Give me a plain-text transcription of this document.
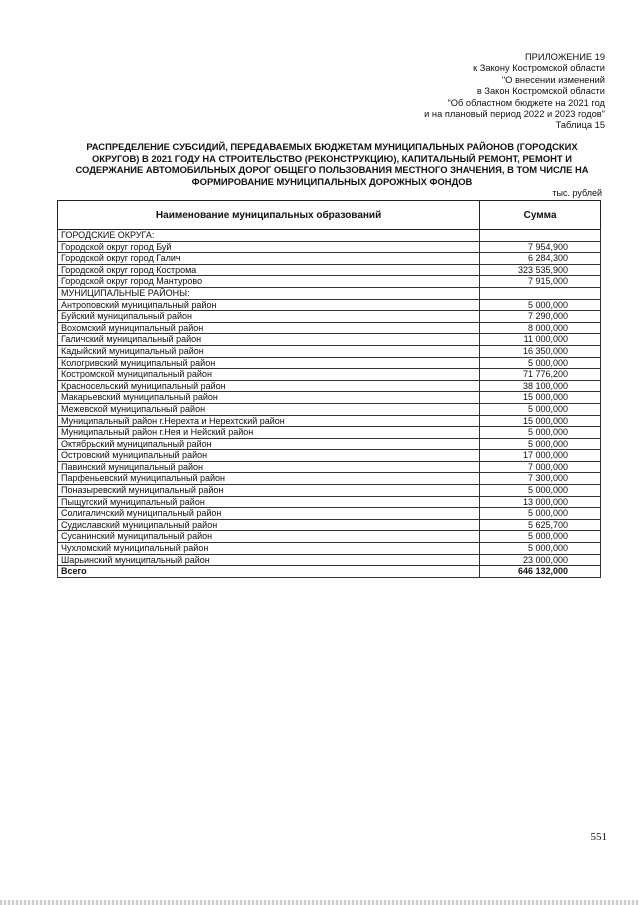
ПРИЛОЖЕНИЕ 19
к Закону Костромской области
"О внесении изменений
в Закон Костромской области
"Об областном бюджете на 2021 год
и на плановый период 2022 и 2023 годов"
Таблица 15
РАСПРЕДЕЛЕНИЕ СУБСИДИЙ, ПЕРЕДАВАЕМЫХ БЮДЖЕТАМ МУНИЦИПАЛЬНЫХ РАЙОНОВ (ГОРОДСКИХ ОКРУГОВ) В 2021 ГОДУ НА СТРОИТЕЛЬСТВО (РЕКОНСТРУКЦИЮ), КАПИТАЛЬНЫЙ РЕМОНТ, РЕМОНТ И СОДЕРЖАНИЕ АВТОМОБИЛЬНЫХ ДОРОГ ОБЩЕГО ПОЛЬЗОВАНИЯ МЕСТНОГО ЗНАЧЕНИЯ, В ТОМ ЧИСЛЕ НА ФОРМИРОВАНИЕ МУНИЦИПАЛЬНЫХ ДОРОЖНЫХ ФОНДОВ
тыс. рублей
Наименование муниципальных образований	Сумма
ГОРОДСКИЕ ОКРУГА:	
Городской округ город Буй	7 954,900
Городской округ город Галич	6 284,300
Городской округ город Кострома	323 535,900
Городской округ город Мантурово	7 915,000
МУНИЦИПАЛЬНЫЕ РАЙОНЫ:	
Антроповский муниципальный район	5 000,000
Буйский муниципальный район	7 290,000
Вохомский муниципальный район	8 000,000
Галичский муниципальный район	11 000,000
Кадыйский муниципальный район	16 350,000
Кологривский муниципальный район	5 000,000
Костромской муниципальный район	71 776,200
Красносельский муниципальный район	38 100,000
Макарьевский муниципальный район	15 000,000
Межевской муниципальный район	5 000,000
Муниципальный район г.Нерехта и Нерехтский район	15 000,000
Муниципальный район г.Нея и Нейский район	5 000,000
Октябрьский муниципальный район	5 000,000
Островский муниципальный район	17 000,000
Павинский муниципальный район	7 000,000
Парфеньевский муниципальный район	7 300,000
Поназыревский муниципальный район	5 000,000
Пыщугский муниципальный район	13 000,000
Солигаличский муниципальный район	5 000,000
Судиславский муниципальный район	5 625,700
Сусанинский муниципальный район	5 000,000
Чухломский муниципальный район	5 000,000
Шарьинский муниципальный район	23 000,000
Всего	646 132,000
551
